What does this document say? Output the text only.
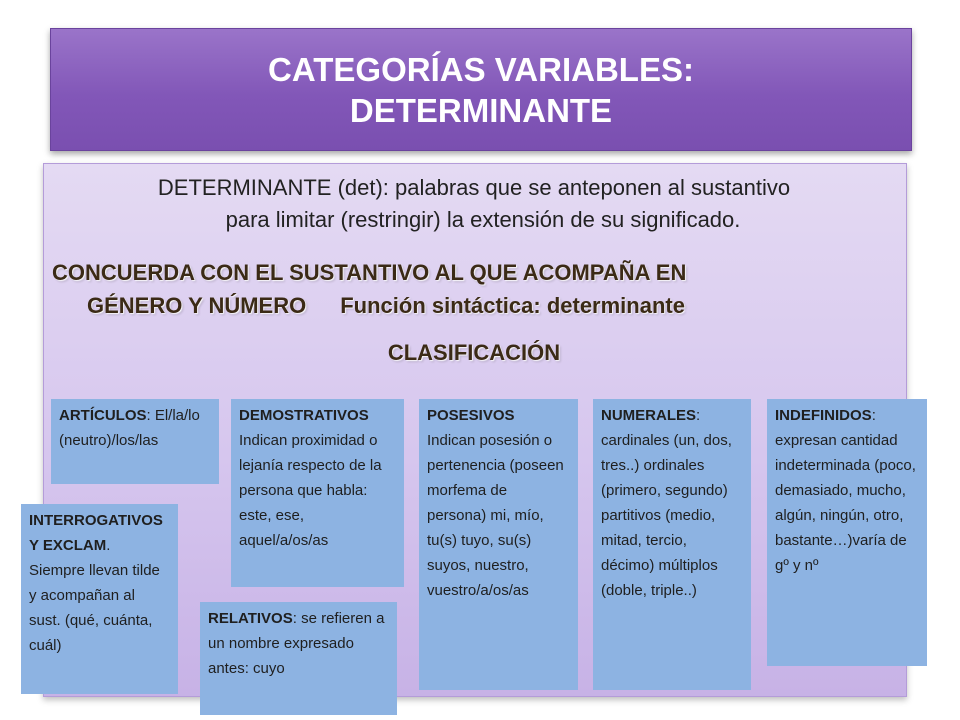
CATEGORÍAS VARIABLES:
DETERMINANTE
DETERMINANTE (det): palabras que se anteponen al sustantivo
para limitar (restringir) la extensión de su significado.
CONCUERDA CON EL SUSTANTIVO AL QUE ACOMPAÑA EN
GÉNERO Y NÚMERO Función sintáctica: determinante
CLASIFICACIÓN
ARTÍCULOS: El/la/lo (neutro)/los/las
DEMOSTRATIVOS
Indican proximidad o lejanía respecto de la persona que habla: este, ese, aquel/a/os/as
POSESIVOS
Indican posesión o pertenencia (poseen morfema de persona) mi, mío, tu(s) tuyo, su(s) suyos, nuestro, vuestro/a/os/as
NUMERALES: cardinales (un, dos, tres..) ordinales (primero, segundo) partitivos (medio, mitad, tercio, décimo) múltiplos (doble, triple..)
INDEFINIDOS: expresan cantidad indeterminada (poco, demasiado, mucho, algún, ningún, otro, bastante…)varía de gº y nº
INTERROGATIVOS Y EXCLAM. Siempre llevan tilde y acompañan al sust. (qué, cuánta, cuál)
RELATIVOS: se refieren a un nombre expresado antes: cuyo
